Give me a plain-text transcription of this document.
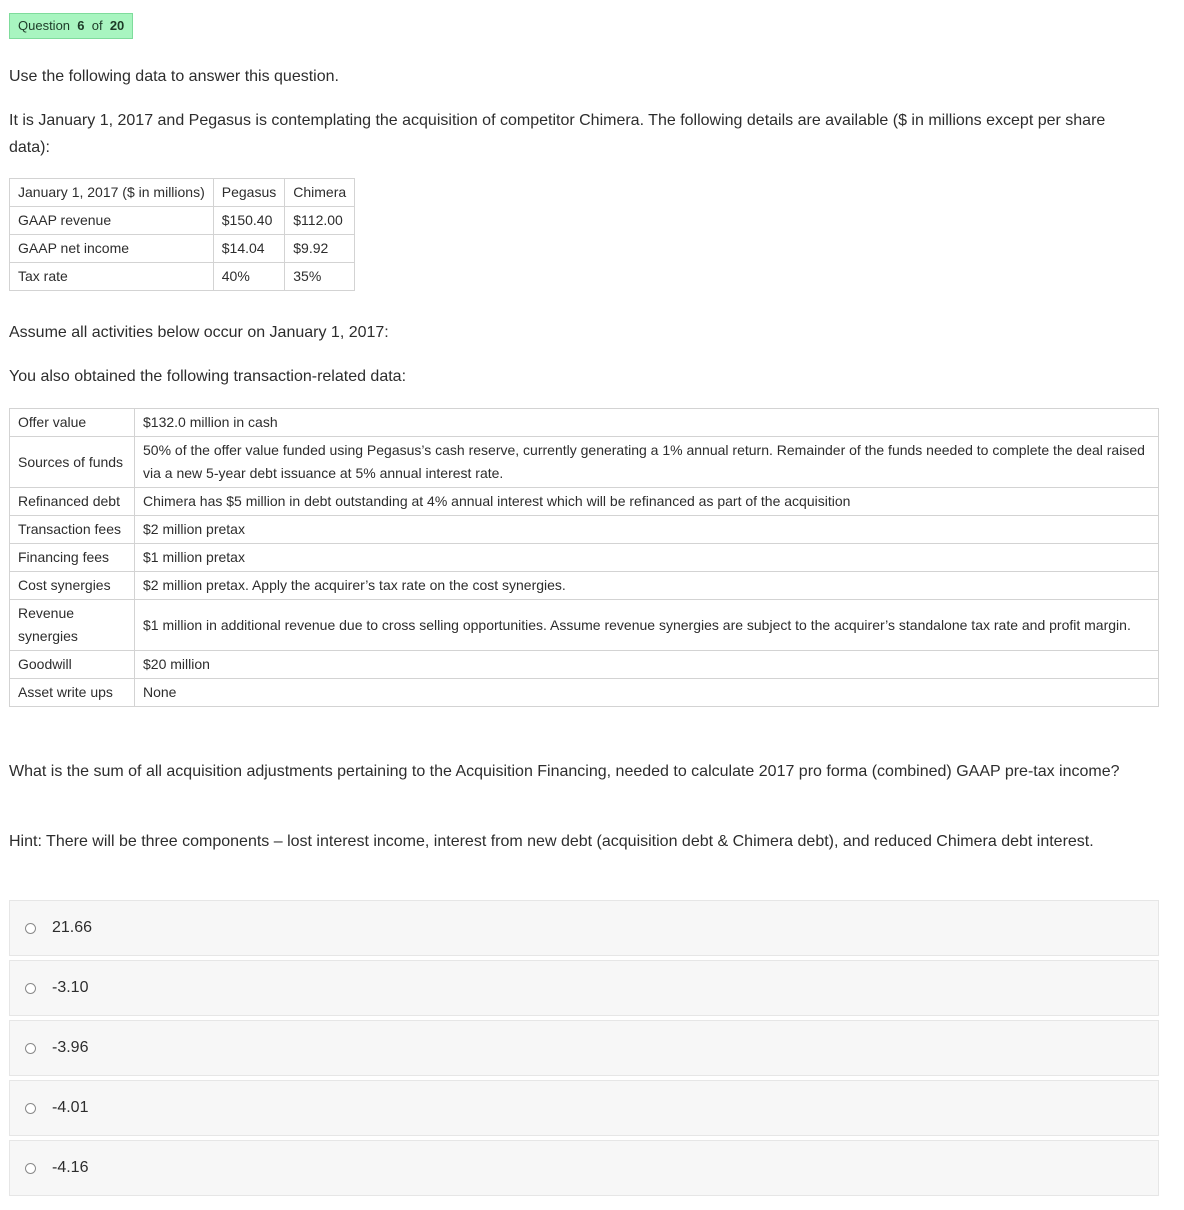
Question 6 of 20

Use the following data to answer this question.

It is January 1, 2017 and Pegasus is contemplating the acquisition of competitor Chimera. The following details are available ($ in millions except per share data):

January 1, 2017 ($ in millions)	Pegasus	Chimera
GAAP revenue	$150.40	$112.00
GAAP net income	$14.04	$9.92
Tax rate	40%	35%

Assume all activities below occur on January 1, 2017:

You also obtained the following transaction-related data:

Offer value	$132.0 million in cash
Sources of funds	50% of the offer value funded using Pegasus’s cash reserve, currently generating a 1% annual return. Remainder of the funds needed to complete the deal raised via a new 5-year debt issuance at 5% annual interest rate.
Refinanced debt	Chimera has $5 million in debt outstanding at 4% annual interest which will be refinanced as part of the acquisition
Transaction fees	$2 million pretax
Financing fees	$1 million pretax
Cost synergies	$2 million pretax. Apply the acquirer’s tax rate on the cost synergies.
Revenue synergies	$1 million in additional revenue due to cross selling opportunities. Assume revenue synergies are subject to the acquirer’s standalone tax rate and profit margin.
Goodwill	$20 million
Asset write ups	None

What is the sum of all acquisition adjustments pertaining to the Acquisition Financing, needed to calculate 2017 pro forma (combined) GAAP pre-tax income?

Hint: There will be three components – lost interest income, interest from new debt (acquisition debt & Chimera debt), and reduced Chimera debt interest.

21.66
-3.10
-3.96
-4.01
-4.16
